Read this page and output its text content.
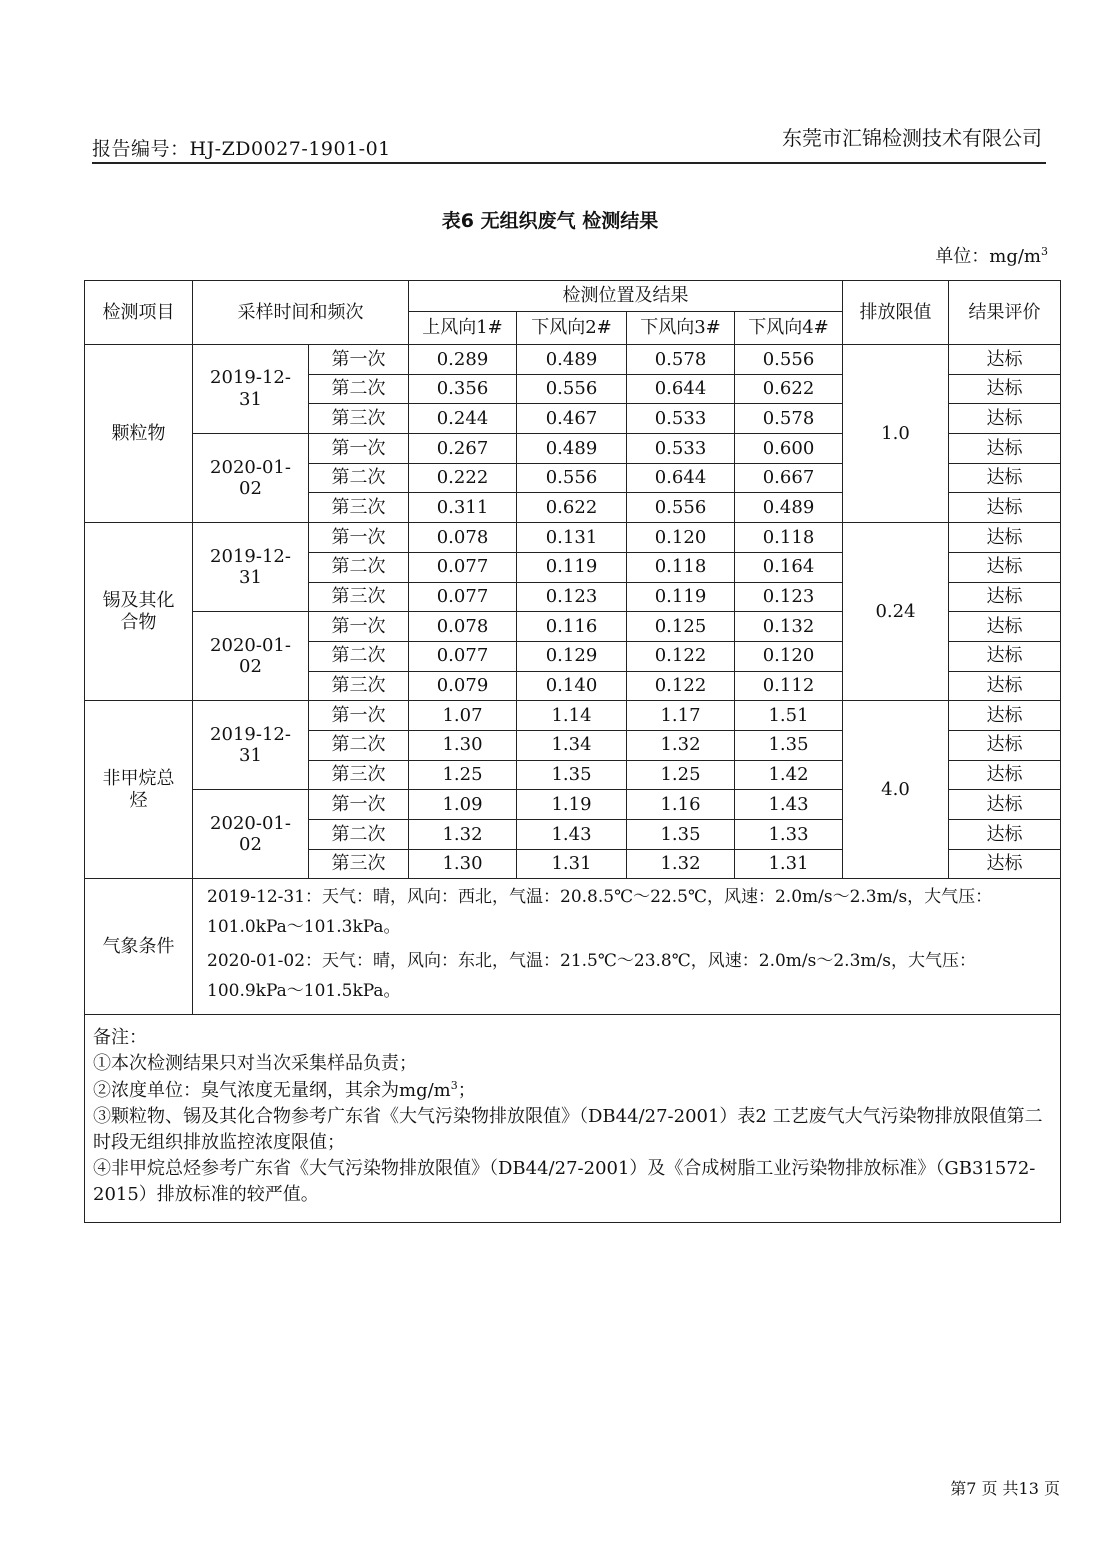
报告编号：HJ-ZD0027-1901-01	东莞市汇锦检测技术有限公司
表6 无组织废气 检测结果
单位：$mg/m^3$
检测项目	采样时间和频次		检测位置及结果				排放限值	结果评价
			上风向1#	下风向2#	下风向3#	下风向4#		
颗粒物	2019-12-31	第一次	0.289	0.489	0.578	0.556	1.0	达标
		第二次	0.356	0.556	0.644	0.622		达标
		第三次	0.244	0.467	0.533	0.578		达标
	2020-01-02	第一次	0.267	0.489	0.533	0.600		达标
		第二次	0.222	0.556	0.644	0.667		达标
		第三次	0.311	0.622	0.556	0.489		达标
锡及其化合物	2019-12-31	第一次	0.078	0.131	0.120	0.118	0.24	达标
		第二次	0.077	0.119	0.118	0.164		达标
		第三次	0.077	0.123	0.119	0.123		达标
	2020-01-02	第一次	0.078	0.116	0.125	0.132		达标
		第二次	0.077	0.129	0.122	0.120		达标
		第三次	0.079	0.140	0.122	0.112		达标
非甲烷总烃	2019-12-31	第一次	1.07	1.14	1.17	1.51	4.0	达标
		第二次	1.30	1.34	1.32	1.35		达标
		第三次	1.25	1.35	1.25	1.42		达标
	2020-01-02	第一次	1.09	1.19	1.16	1.43		达标
		第二次	1.32	1.43	1.35	1.33		达标
		第三次	1.30	1.31	1.32	1.31		达标
气象条件	2019-12-31：天气：晴，风向：西北，气温：20.8.5℃～22.5℃，风速：2.0m/s～2.3m/s，大气压：101.0kPa～101.3kPa。

2020-01-02：天气：晴，风向：东北，气温：21.5℃～23.8℃，风速：2.0m/s～2.3m/s，大气压：100.9kPa～101.5kPa。							

备注：
①本次检测结果只对当次采集样品负责；
②浓度单位：臭气浓度无量纲，其余为$mg/m^3$；
③颗粒物、锡及其化合物参考广东省《大气污染物排放限值》（DB44/27-2001）表2 工艺废气大气污染物排放限值第二时段无组织排放监控浓度限值；
④非甲烷总烃参考广东省《大气污染物排放限值》（DB44/27-2001）及《合成树脂工业污染物排放标准》（GB31572-2015）排放标准的较严值。								
第7 页 共13 页
